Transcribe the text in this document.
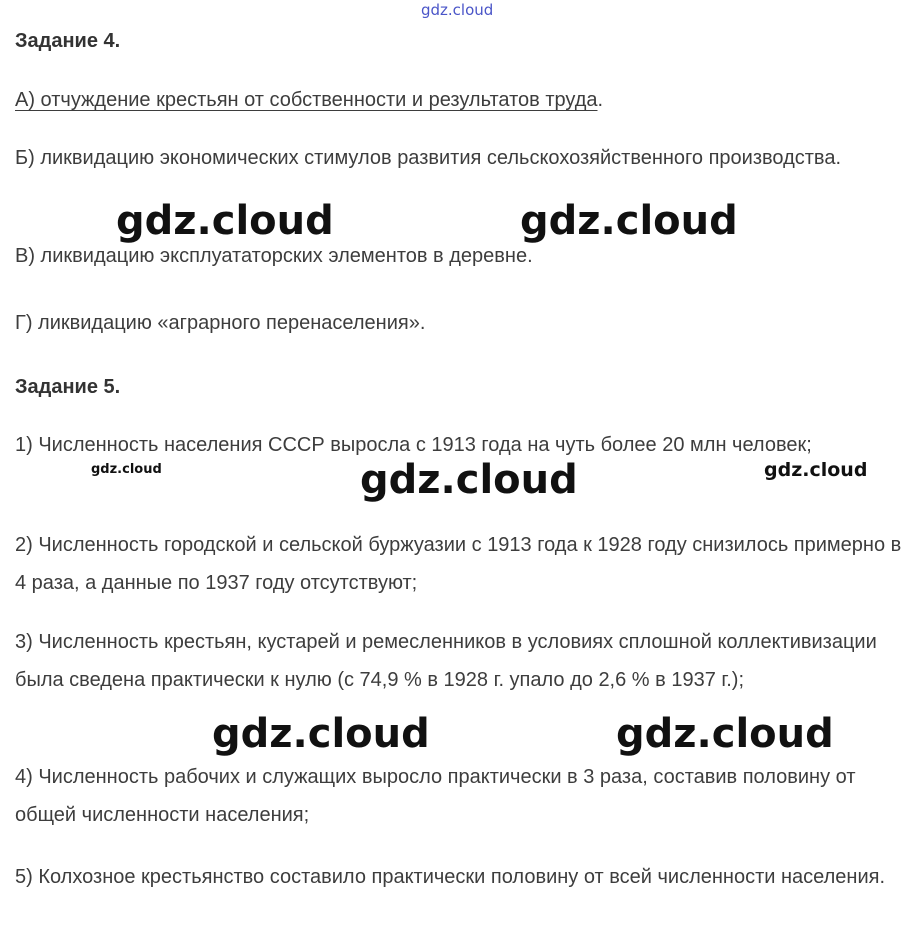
gdz.cloud
Задание 4.

А) отчуждение крестьян от собственности и результатов труда.

Б) ликвидацию экономических стимулов развития сельскохозяйственного производства.

В) ликвидацию эксплуататорских элементов в деревне.

Г) ликвидацию «аграрного перенаселения».

Задание 5.

1) Численность населения СССР выросла с 1913 года на чуть более 20 млн человек;

2) Численность городской и сельской буржуазии с 1913 года к 1928 году снизилось примерно в 4 раза, а данные по 1937 году отсутствуют;

3) Численность крестьян, кустарей и ремесленников в условиях сплошной коллективизации была сведена практически к нулю (с 74,9 % в 1928 г. упало до 2,6 % в 1937 г.);

4) Численность рабочих и служащих выросло практически в 3 раза, составив половину от общей численности населения;

5) Колхозное крестьянство составило практически половину от всей численности населения.

gdz.cloud	gdz.cloud
gdz.cloud
gdz.cloud	gdz.cloud
gdz.cloud
gdz.cloud
